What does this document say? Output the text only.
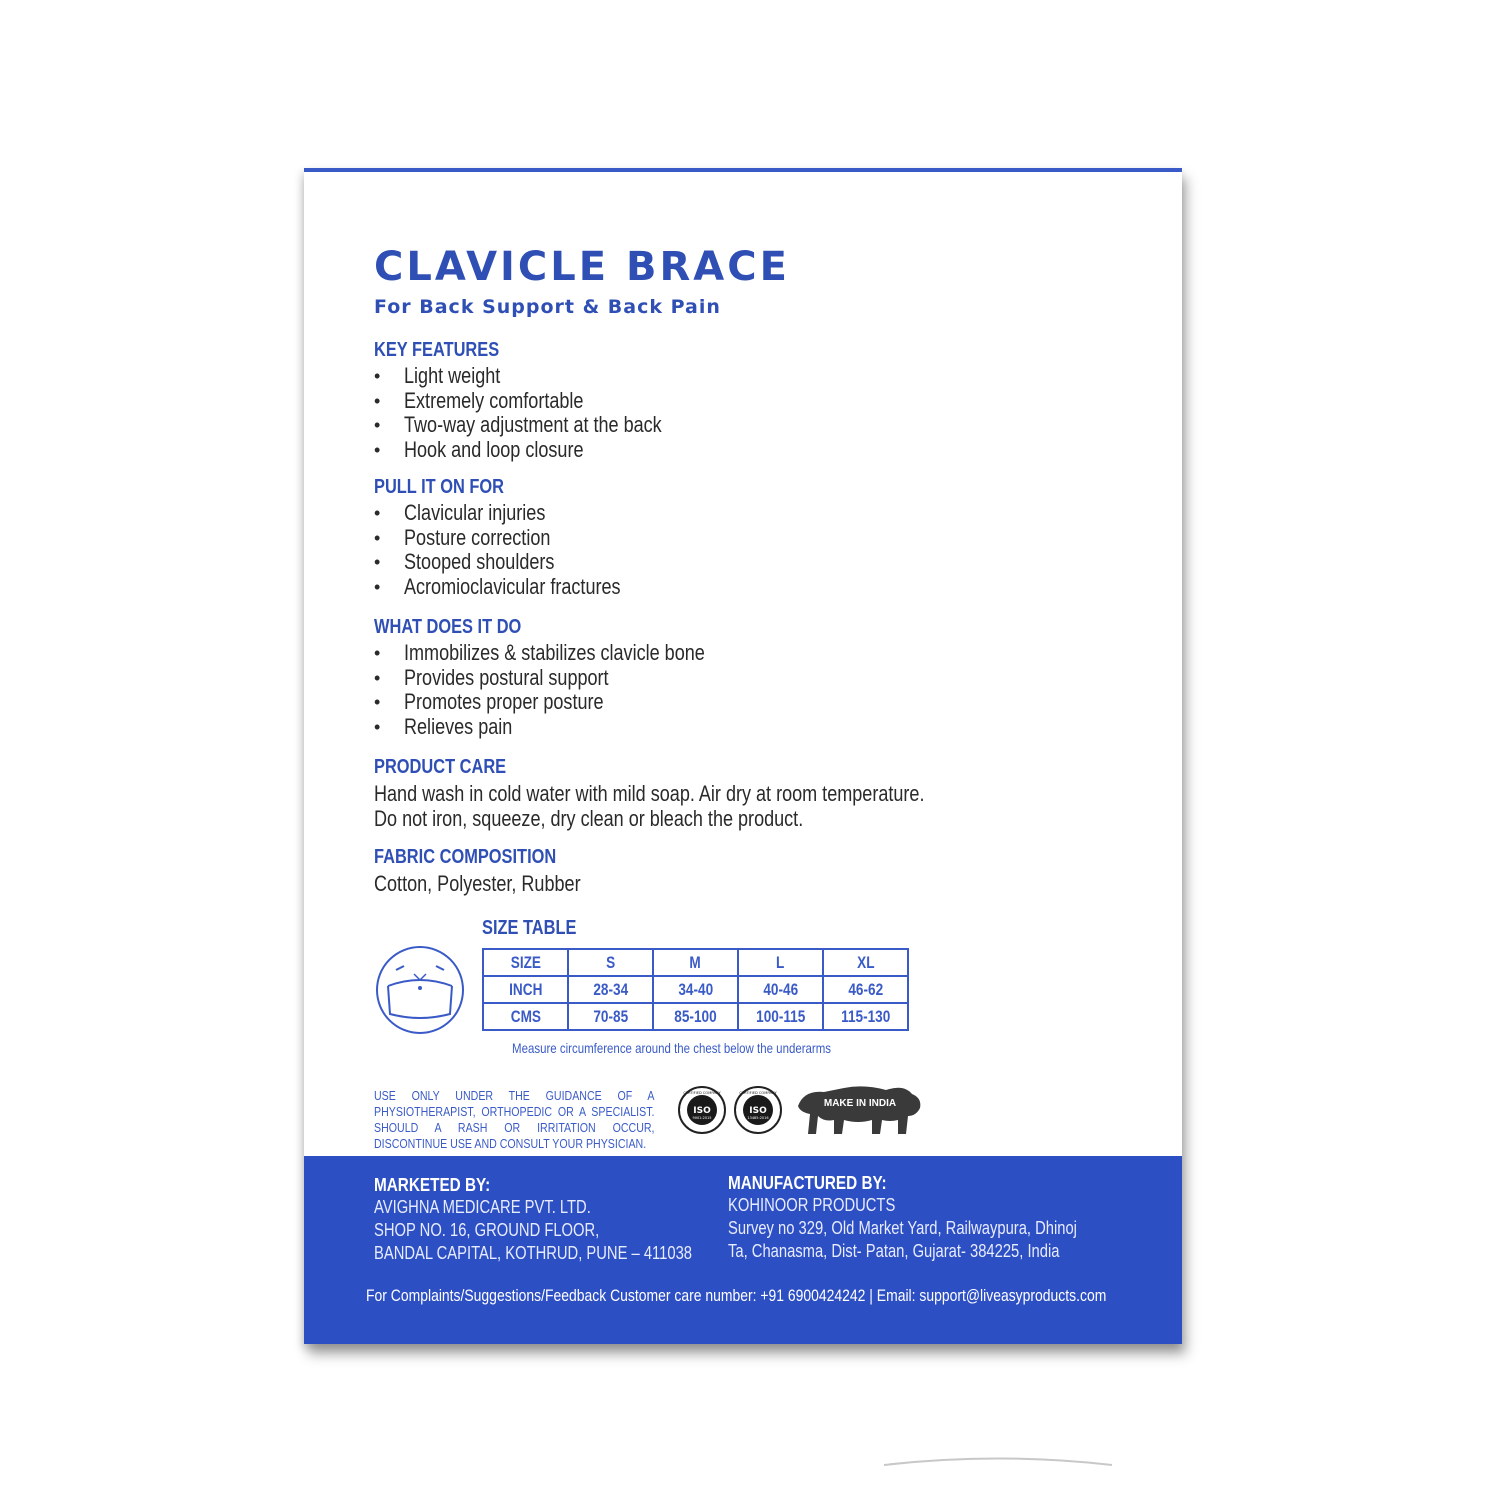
CLAVICLE BRACE
For Back Support & Back Pain
KEY FEATURES
• Light weight
• Extremely comfortable
• Two-way adjustment at the back
• Hook and loop closure
PULL IT ON FOR
• Clavicular injuries
• Posture correction
• Stooped shoulders
• Acromioclavicular fractures
WHAT DOES IT DO
• Immobilizes & stabilizes clavicle bone
• Provides postural support
• Promotes proper posture
• Relieves pain
PRODUCT CARE
Hand wash in cold water with mild soap. Air dry at room temperature.
Do not iron, squeeze, dry clean or bleach the product.
FABRIC COMPOSITION
Cotton, Polyester, Rubber
SIZE TABLE
SIZE	S	M	L	XL
INCH	28-34	34-40	40-46	46-62
CMS	70-85	85-100	100-115	115-130
Measure circumference around the chest below the underarms
USE ONLY UNDER THE GUIDANCE OF A PHYSIOTHERAPIST, ORTHOPEDIC OR A SPECIALIST. SHOULD A RASH OR IRRITATION OCCUR, DISCONTINUE USE AND CONSULT YOUR PHYSICIAN.
ISO
9001:2015
CERTIFIED COMPANY
ISO
13485:2016
CERTIFIED COMPANY
MAKE IN INDIA
MARKETED BY:
AVIGHNA MEDICARE PVT. LTD.
SHOP NO. 16, GROUND FLOOR,
BANDAL CAPITAL, KOTHRUD, PUNE – 411038
MANUFACTURED BY:
KOHINOOR PRODUCTS
Survey no 329, Old Market Yard, Railwaypura, Dhinoj
Ta, Chanasma, Dist- Patan, Gujarat- 384225, India
For Complaints/Suggestions/Feedback Customer care number: +91 6900424242 | Email: support@liveasyproducts.com
